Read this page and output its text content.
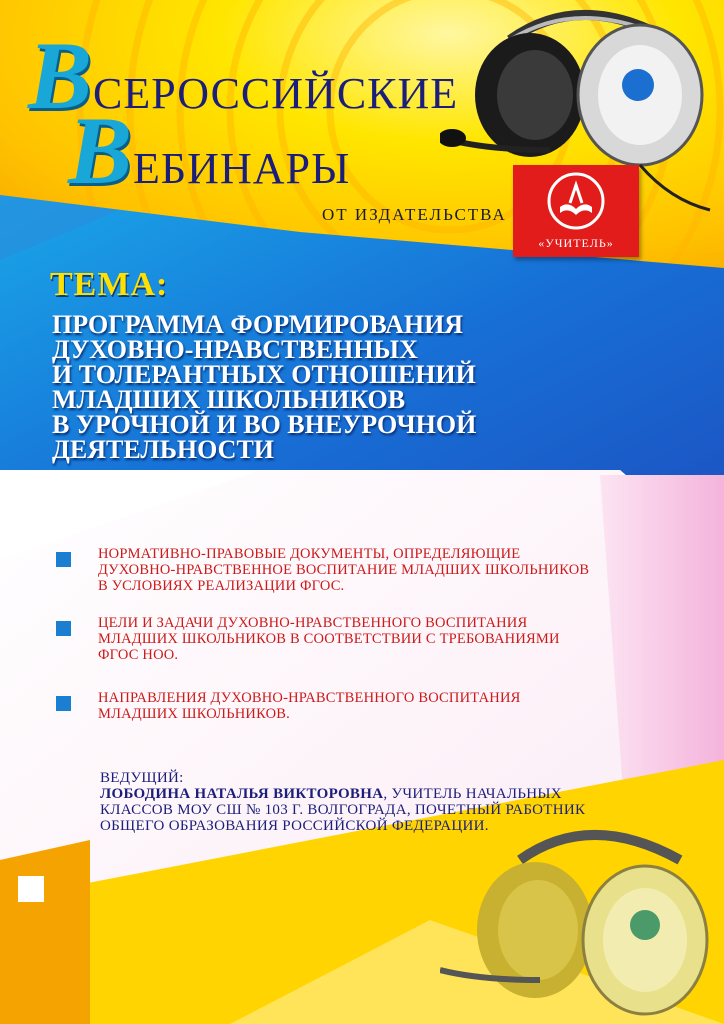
ВСЕРОССИЙСКИЕ
ВЕБИНАРЫ
ОТ ИЗДАТЕЛЬСТВА
«УЧИТЕЛЬ»
ТЕМА:
ПРОГРАММА ФОРМИРОВАНИЯ
ДУХОВНО-НРАВСТВЕННЫХ
И ТОЛЕРАНТНЫХ ОТНОШЕНИЙ
МЛАДШИХ ШКОЛЬНИКОВ
В УРОЧНОЙ И ВО ВНЕУРОЧНОЙ
ДЕЯТЕЛЬНОСТИ
НОРМАТИВНО-ПРАВОВЫЕ ДОКУМЕНТЫ, ОПРЕДЕЛЯЮЩИЕ
ДУХОВНО-НРАВСТВЕННОЕ ВОСПИТАНИЕ МЛАДШИХ ШКОЛЬНИКОВ
В УСЛОВИЯХ РЕАЛИЗАЦИИ ФГОС.
ЦЕЛИ И ЗАДАЧИ ДУХОВНО-НРАВСТВЕННОГО ВОСПИТАНИЯ
МЛАДШИХ ШКОЛЬНИКОВ В СООТВЕТСТВИИ С ТРЕБОВАНИЯМИ
ФГОС НОО.
НАПРАВЛЕНИЯ ДУХОВНО-НРАВСТВЕННОГО ВОСПИТАНИЯ
МЛАДШИХ ШКОЛЬНИКОВ.
ВЕДУЩИЙ:
ЛОБОДИНА НАТАЛЬЯ ВИКТОРОВНА, УЧИТЕЛЬ НАЧАЛЬНЫХ
КЛАССОВ МОУ СШ № 103 Г. ВОЛГОГРАДА, ПОЧЕТНЫЙ РАБОТНИК
ОБЩЕГО ОБРАЗОВАНИЯ РОССИЙСКОЙ ФЕДЕРАЦИИ.
